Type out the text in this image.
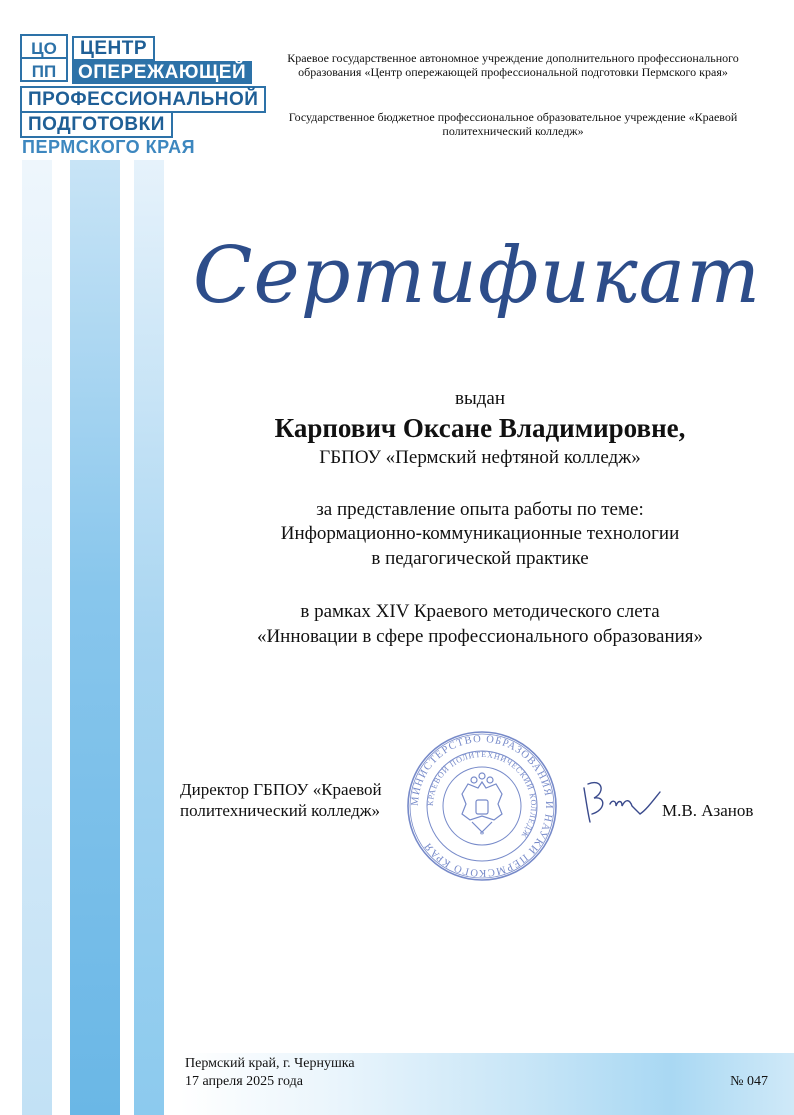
ЦО
ПП
ЦЕНТР
ОПЕРЕЖАЮЩЕЙ
ПРОФЕССИОНАЛЬНОЙ
ПОДГОТОВКИ
ПЕРМСКОГО КРАЯ
Краевое государственное автономное учреждение дополнительного профессионального образования «Центр опережающей профессиональной подготовки Пермского края»
Государственное бюджетное профессиональное образовательное учреждение «Краевой политехнический колледж»
Сертификат
выдан
Карпович Оксане Владимировне,
ГБПОУ «Пермский нефтяной колледж»
за представление опыта работы по теме:
Информационно-коммуникационные технологии
в педагогической практике
в рамках XIV Краевого методического слета
«Инновации в сфере профессионального образования»
Директор ГБПОУ «Краевой
политехнический колледж»
МИНИСТЕРСТВО ОБРАЗОВАНИЯ И НАУКИ ПЕРМСКОГО КРАЯ
КРАЕВОЙ ПОЛИТЕХНИЧЕСКИЙ КОЛЛЕДЖ
*
М.В. Азанов
Пермский край, г. Чернушка
17 апреля 2025 года	№ 047
